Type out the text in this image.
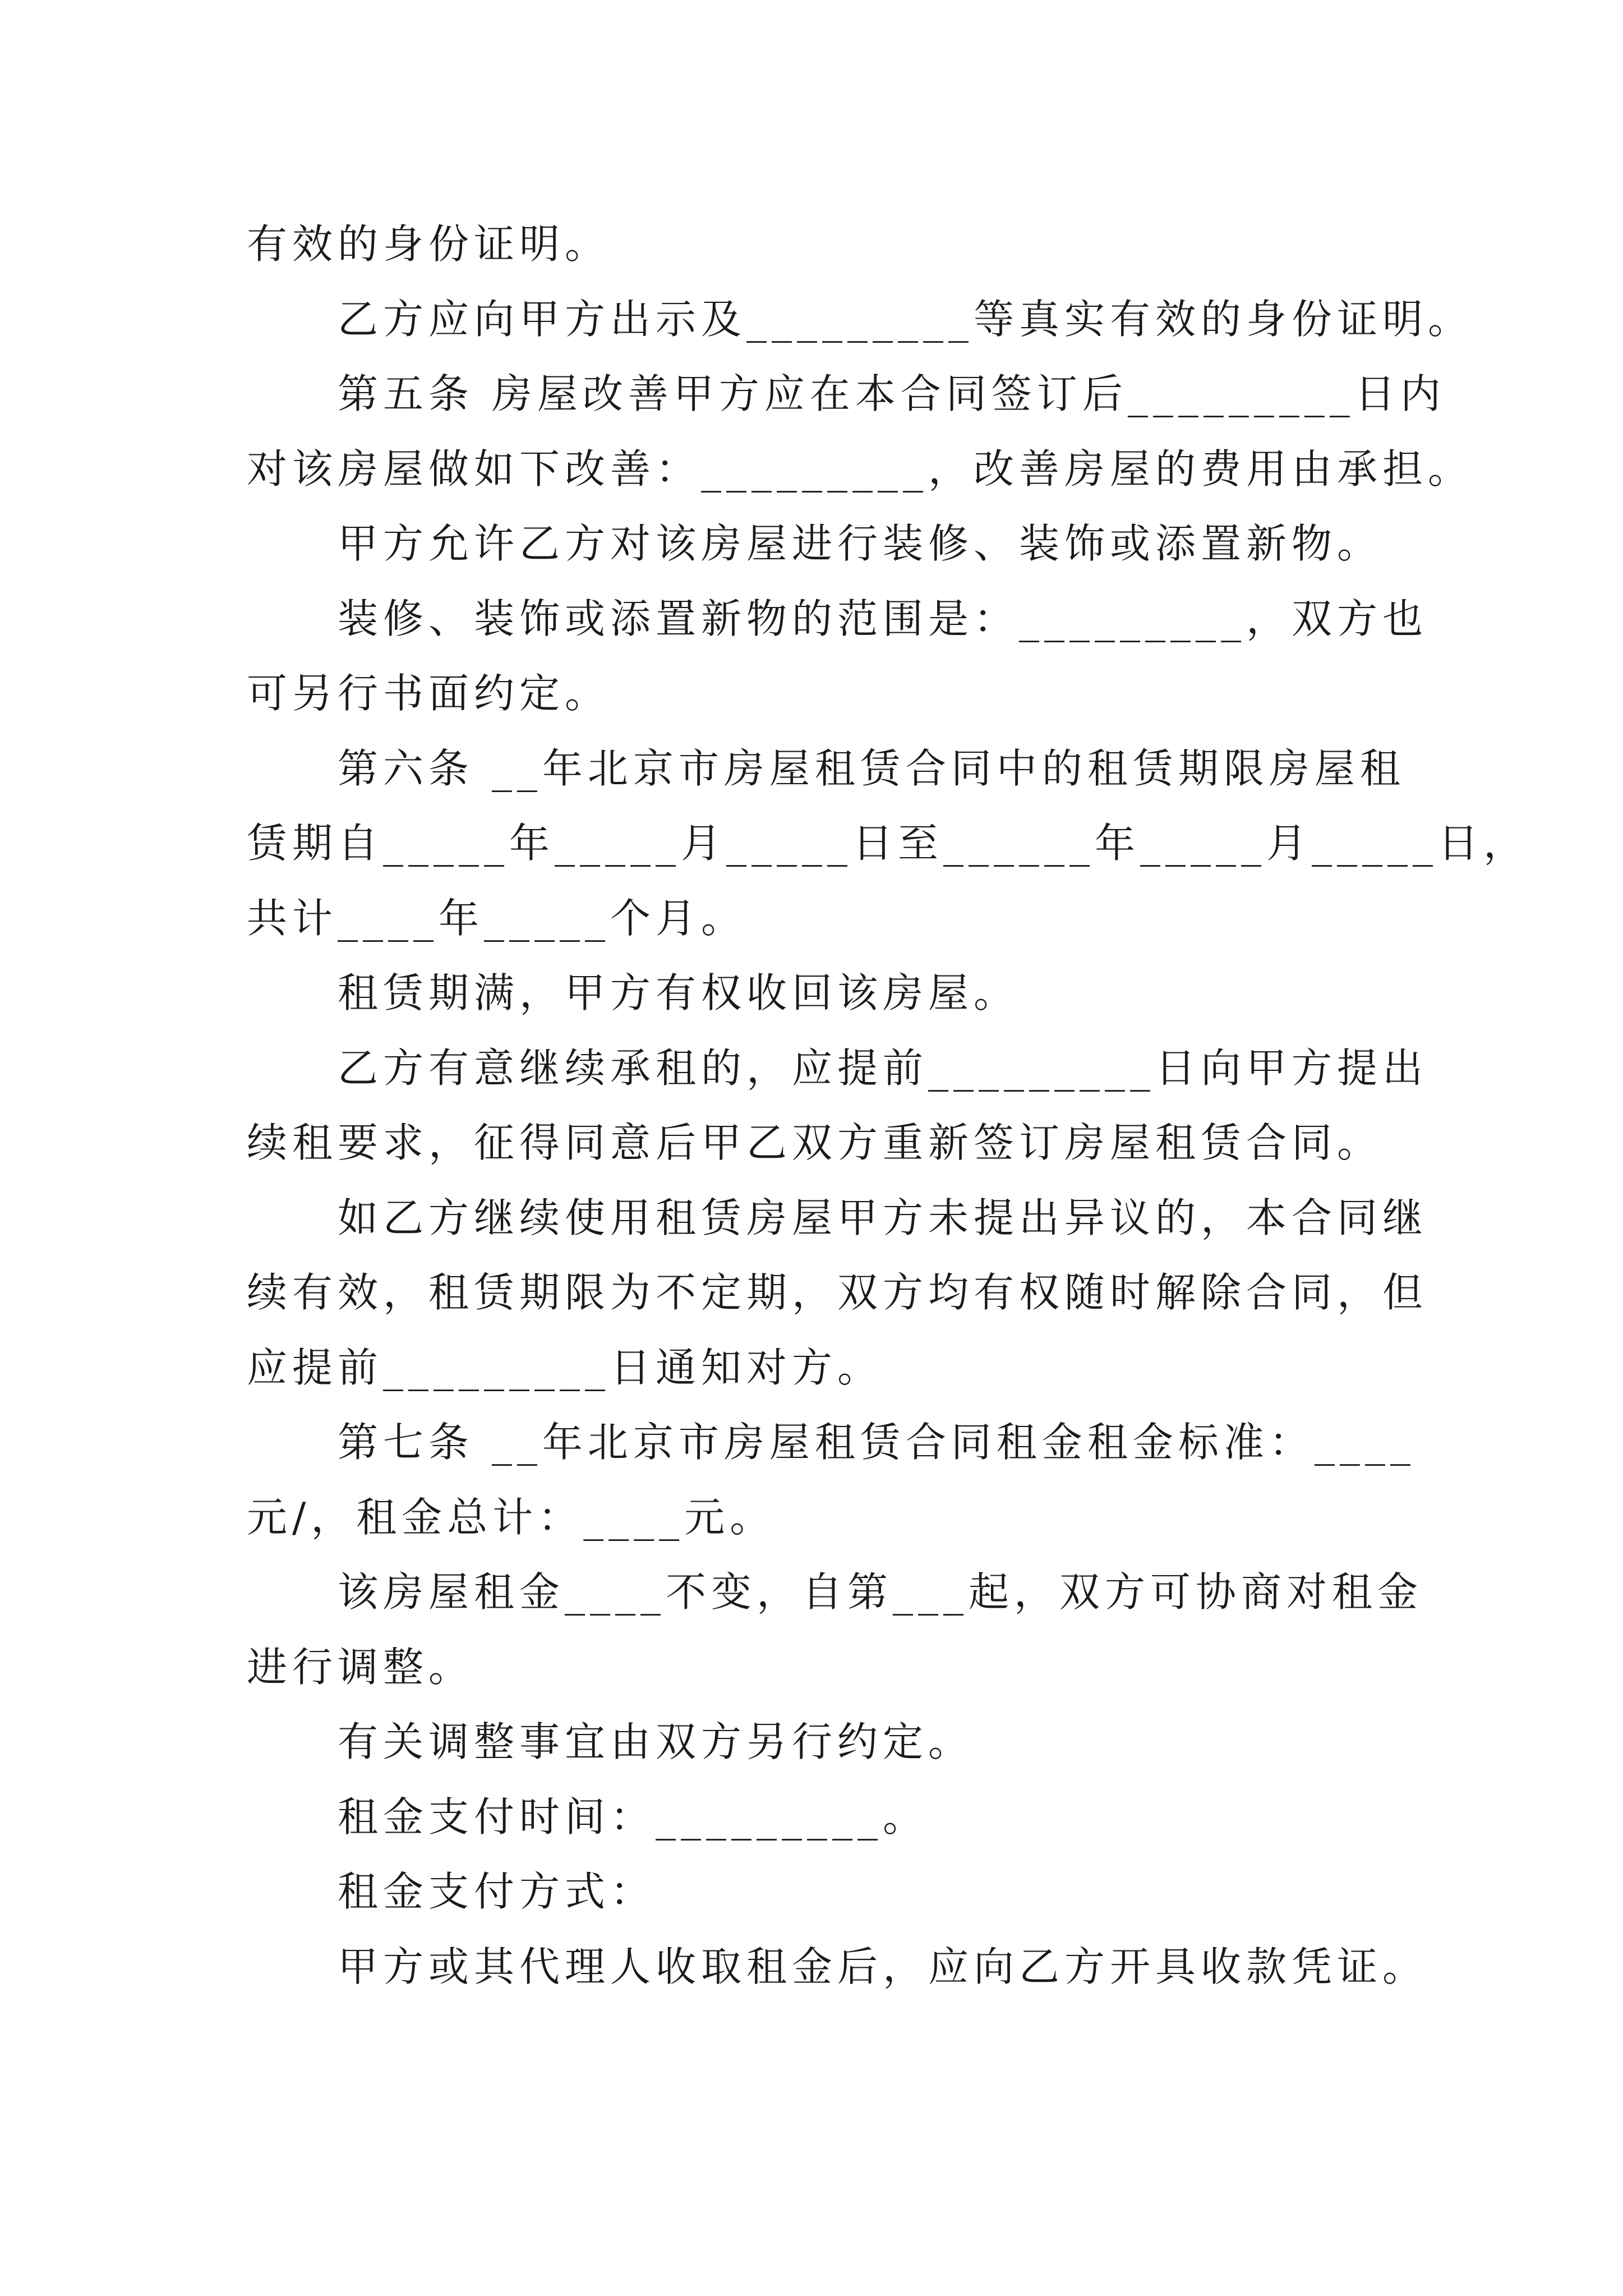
有效的身份证明。
乙方应向甲方出示及_________等真实有效的身份证明。
第五条 房屋改善甲方应在本合同签订后_________日内
对该房屋做如下改善：_________，改善房屋的费用由承担。
甲方允许乙方对该房屋进行装修、装饰或添置新物。
装修、装饰或添置新物的范围是：_________，双方也
可另行书面约定。
第六条 __年北京市房屋租赁合同中的租赁期限房屋租
赁期自_____年_____月_____日至______年_____月_____日，
共计____年_____个月。
租赁期满，甲方有权收回该房屋。
乙方有意继续承租的，应提前_________日向甲方提出
续租要求，征得同意后甲乙双方重新签订房屋租赁合同。
如乙方继续使用租赁房屋甲方未提出异议的，本合同继
续有效，租赁期限为不定期，双方均有权随时解除合同，但
应提前_________日通知对方。
第七条 __年北京市房屋租赁合同租金租金标准：____
元/，租金总计：____元。
该房屋租金____不变，自第___起，双方可协商对租金
进行调整。
有关调整事宜由双方另行约定。
租金支付时间：_________。
租金支付方式：
甲方或其代理人收取租金后，应向乙方开具收款凭证。
